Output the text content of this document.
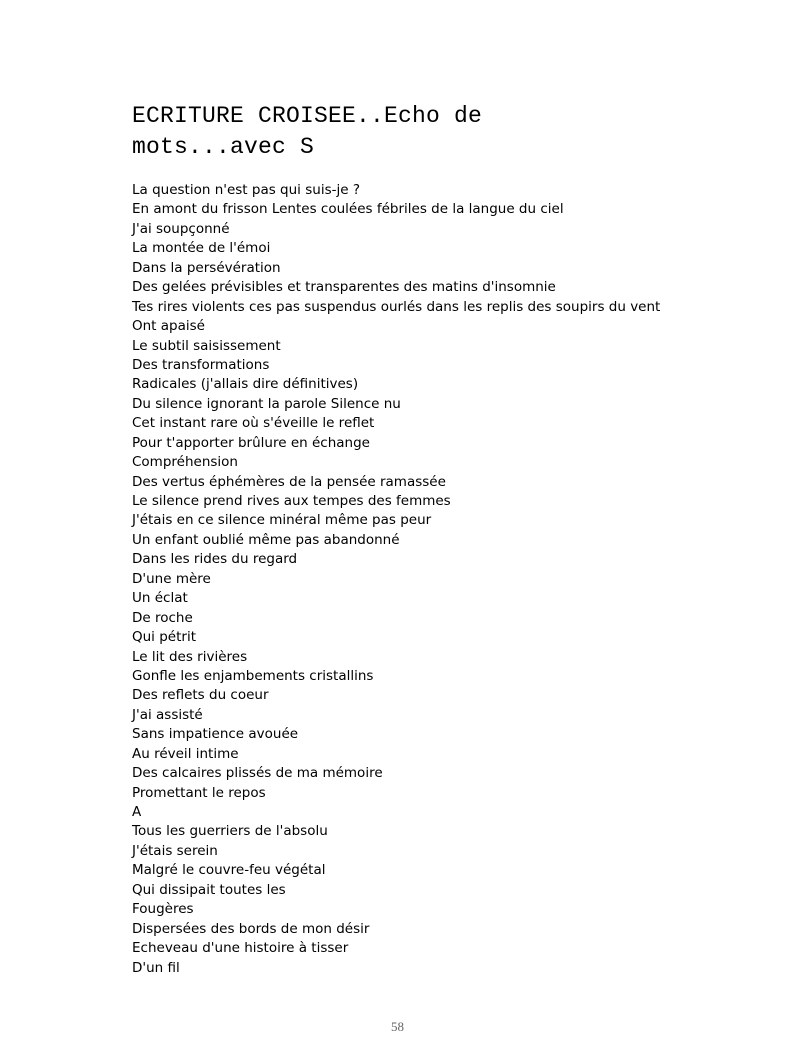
ECRITURE CROISEE..Echo de
mots...avec S
La question n'est pas qui suis-je ?
En amont du frisson Lentes coulées fébriles de la langue du ciel
J'ai soupçonné
La montée de l'émoi
Dans la persévération
Des gelées prévisibles et transparentes des matins d'insomnie
Tes rires violents ces pas suspendus ourlés dans les replis des soupirs du vent
Ont apaisé
Le subtil saisissement
Des transformations
Radicales (j'allais dire définitives)
Du silence ignorant la parole Silence nu
Cet instant rare où s'éveille le reflet
Pour t'apporter brûlure en échange
Compréhension
Des vertus éphémères de la pensée ramassée
Le silence prend rives aux tempes des femmes
J'étais en ce silence minéral même pas peur
Un enfant oublié même pas abandonné
Dans les rides du regard
D'une mère
Un éclat
De roche
Qui pétrit
Le lit des rivières
Gonfle les enjambements cristallins
Des reflets du coeur
J'ai assisté
Sans impatience avouée
Au réveil intime
Des calcaires plissés de ma mémoire
Promettant le repos
A
Tous les guerriers de l'absolu
J'étais serein
Malgré le couvre-feu végétal
Qui dissipait toutes les
Fougères
Dispersées des bords de mon désir
Echeveau d'une histoire à tisser
D'un fil
58
